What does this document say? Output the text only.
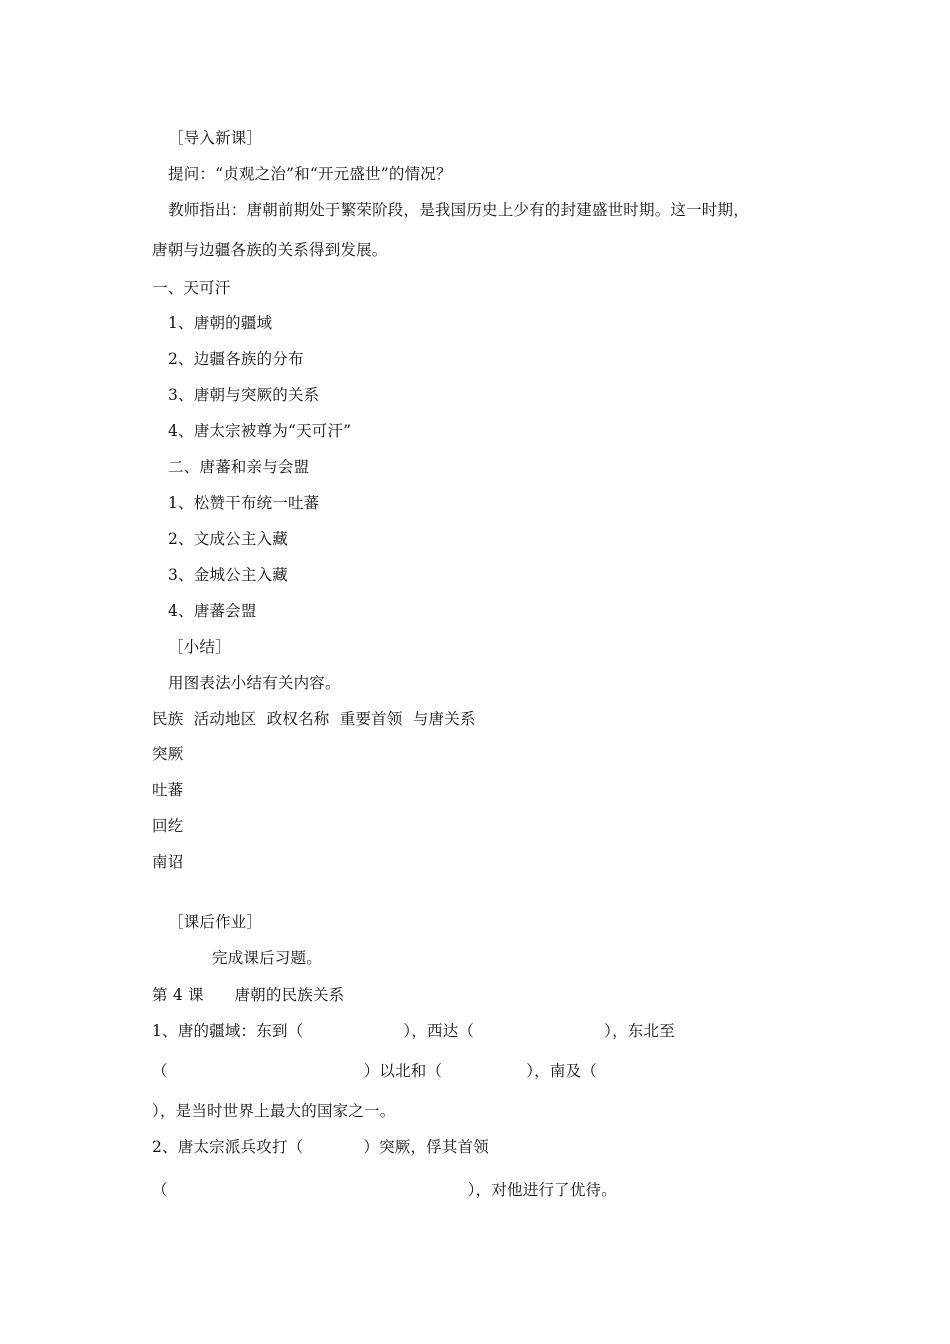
［导入新课］
提问：“贞观之治”和“开元盛世”的情况？
教师指出：唐朝前期处于繁荣阶段，是我国历史上少有的封建盛世时期。这一时期，
唐朝与边疆各族的关系得到发展。
一、天可汗
1、唐朝的疆域
2、边疆各族的分布
3、唐朝与突厥的关系
4、唐太宗被尊为“天可汗”
二、唐蕃和亲与会盟
1、松赞干布统一吐蕃
2、文成公主入藏
3、金城公主入藏
4、唐蕃会盟
［小结］
用图表法小结有关内容。
民族  活动地区  政权名称  重要首领  与唐关系
突厥
吐蕃
回纥
南诏
［课后作业］
完成课后习题。
第 4 课      唐朝的民族关系
1、唐的疆域：东到（	），西达（	），东北至
（	）以北和（	），南及（
），是当时世界上最大的国家之一。
2、唐太宗派兵攻打（	）突厥，俘其首领
（	），对他进行了优待。
